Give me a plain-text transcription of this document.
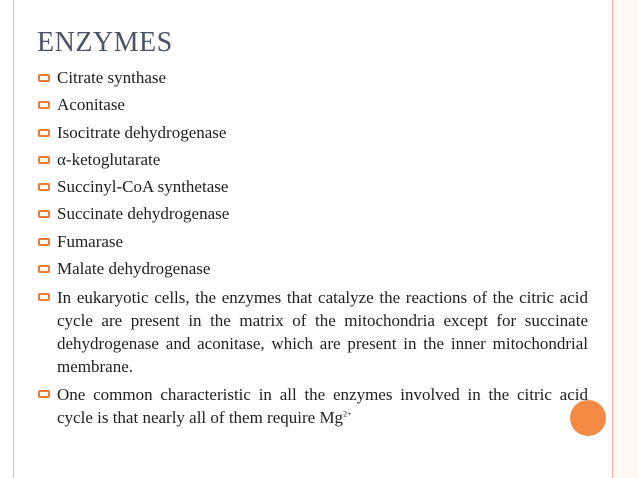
ENZYMES
Citrate synthase
Aconitase
Isocitrate dehydrogenase
α-ketoglutarate
Succinyl-CoA synthetase
Succinate dehydrogenase
Fumarase
Malate dehydrogenase
In eukaryotic cells, the enzymes that catalyze the reactions of the citric acid cycle are present in the matrix of the mitochondria except for succinate dehydrogenase and aconitase, which are present in the inner mitochondrial membrane.
One common characteristic in all the enzymes involved in the citric acid cycle is that nearly all of them require $Mg^{2+}$
